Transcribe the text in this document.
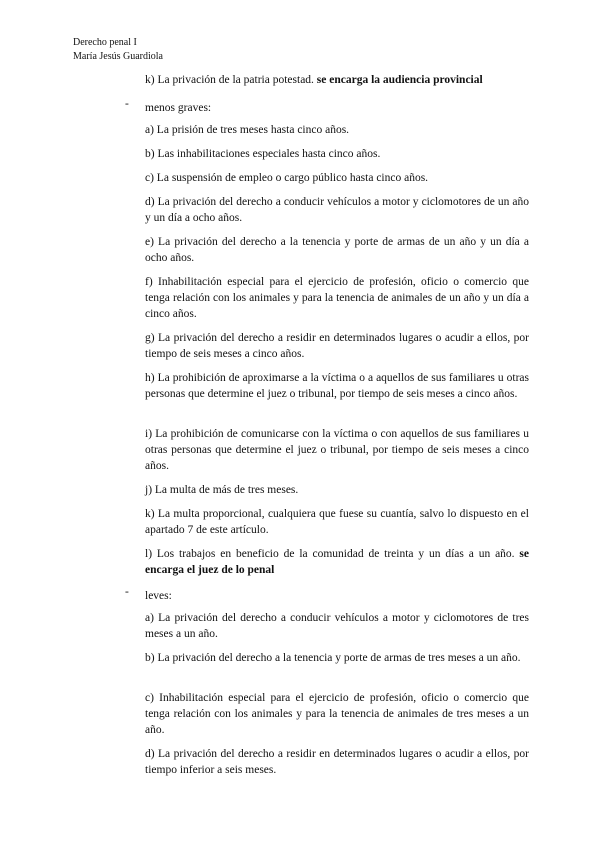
Derecho penal I
María Jesús Guardiola

k) La privación de la patria potestad. se encarga la audiencia provincial

- menos graves:

a) La prisión de tres meses hasta cinco años.

b) Las inhabilitaciones especiales hasta cinco años.

c) La suspensión de empleo o cargo público hasta cinco años.

d) La privación del derecho a conducir vehículos a motor y ciclomotores de un año y un día a ocho años.

e) La privación del derecho a la tenencia y porte de armas de un año y un día a ocho años.

f) Inhabilitación especial para el ejercicio de profesión, oficio o comercio que tenga relación con los animales y para la tenencia de animales de un año y un día a cinco años.

g) La privación del derecho a residir en determinados lugares o acudir a ellos, por tiempo de seis meses a cinco años.

h) La prohibición de aproximarse a la víctima o a aquellos de sus familiares u otras personas que determine el juez o tribunal, por tiempo de seis meses a cinco años.

i) La prohibición de comunicarse con la víctima o con aquellos de sus familiares u otras personas que determine el juez o tribunal, por tiempo de seis meses a cinco años.

j) La multa de más de tres meses.

k) La multa proporcional, cualquiera que fuese su cuantía, salvo lo dispuesto en el apartado 7 de este artículo.

l) Los trabajos en beneficio de la comunidad de treinta y un días a un año. se encarga el juez de lo penal

- leves:

a) La privación del derecho a conducir vehículos a motor y ciclomotores de tres meses a un año.

b) La privación del derecho a la tenencia y porte de armas de tres meses a un año.

c) Inhabilitación especial para el ejercicio de profesión, oficio o comercio que tenga relación con los animales y para la tenencia de animales de tres meses a un año.

d) La privación del derecho a residir en determinados lugares o acudir a ellos, por tiempo inferior a seis meses.
